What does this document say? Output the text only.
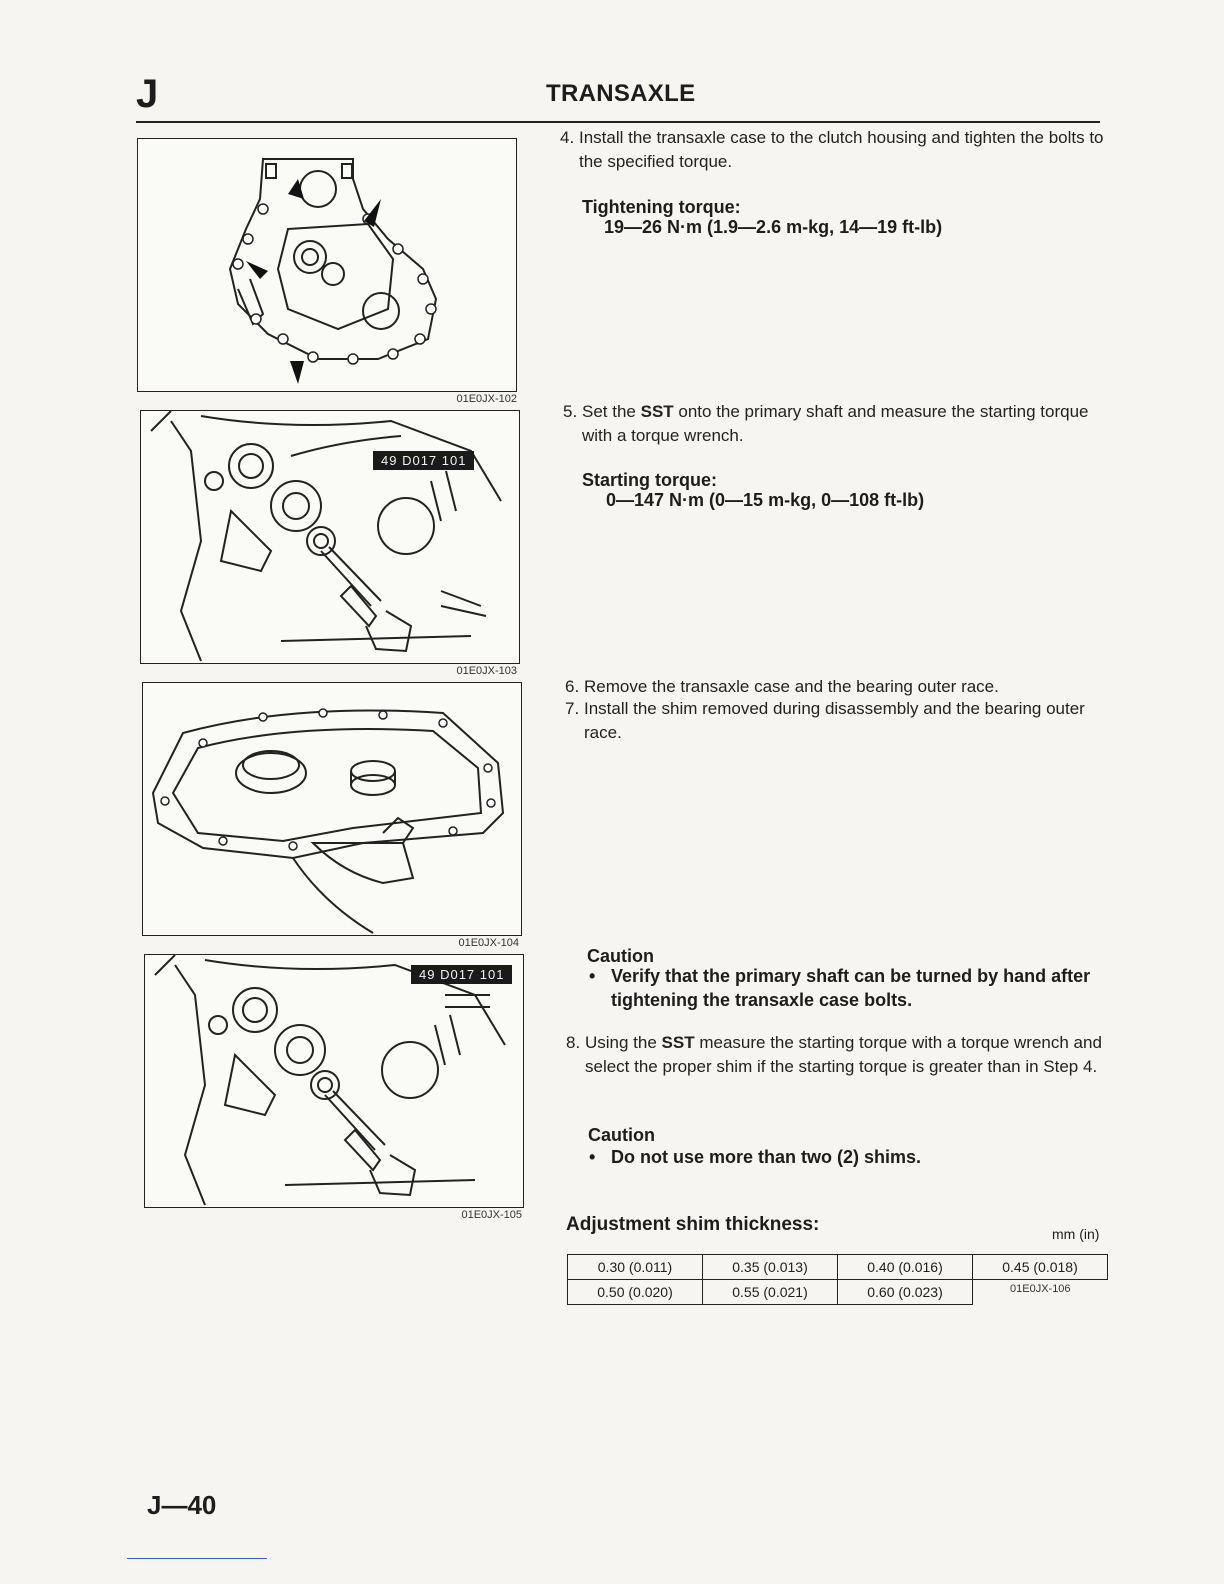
J	TRANSAXLE
01E0JX-102
49 D017 101
01E0JX-103
01E0JX-104
49 D017 101
01E0JX-105
4. Install the transaxle case to the clutch housing and tighten the bolts to the specified torque.
Tightening torque:
19—26 N·m (1.9—2.6 m-kg, 14—19 ft-lb)
5. Set the SST onto the primary shaft and measure the starting torque with a torque wrench.
Starting torque:
0—147 N·m (0—15 m-kg, 0—108 ft-lb)
6. Remove the transaxle case and the bearing outer race.
7. Install the shim removed during disassembly and the bearing outer race.
Caution
• Verify that the primary shaft can be turned by hand after tightening the transaxle case bolts.
8. Using the SST measure the starting torque with a torque wrench and select the proper shim if the starting torque is greater than in Step 4.
Caution
• Do not use more than two (2) shims.
Adjustment shim thickness:	mm (in)
0.30 (0.011)	0.35 (0.013)	0.40 (0.016)	0.45 (0.018)
0.50 (0.020)	0.55 (0.021)	0.60 (0.023)		01E0JX-106
J—40
